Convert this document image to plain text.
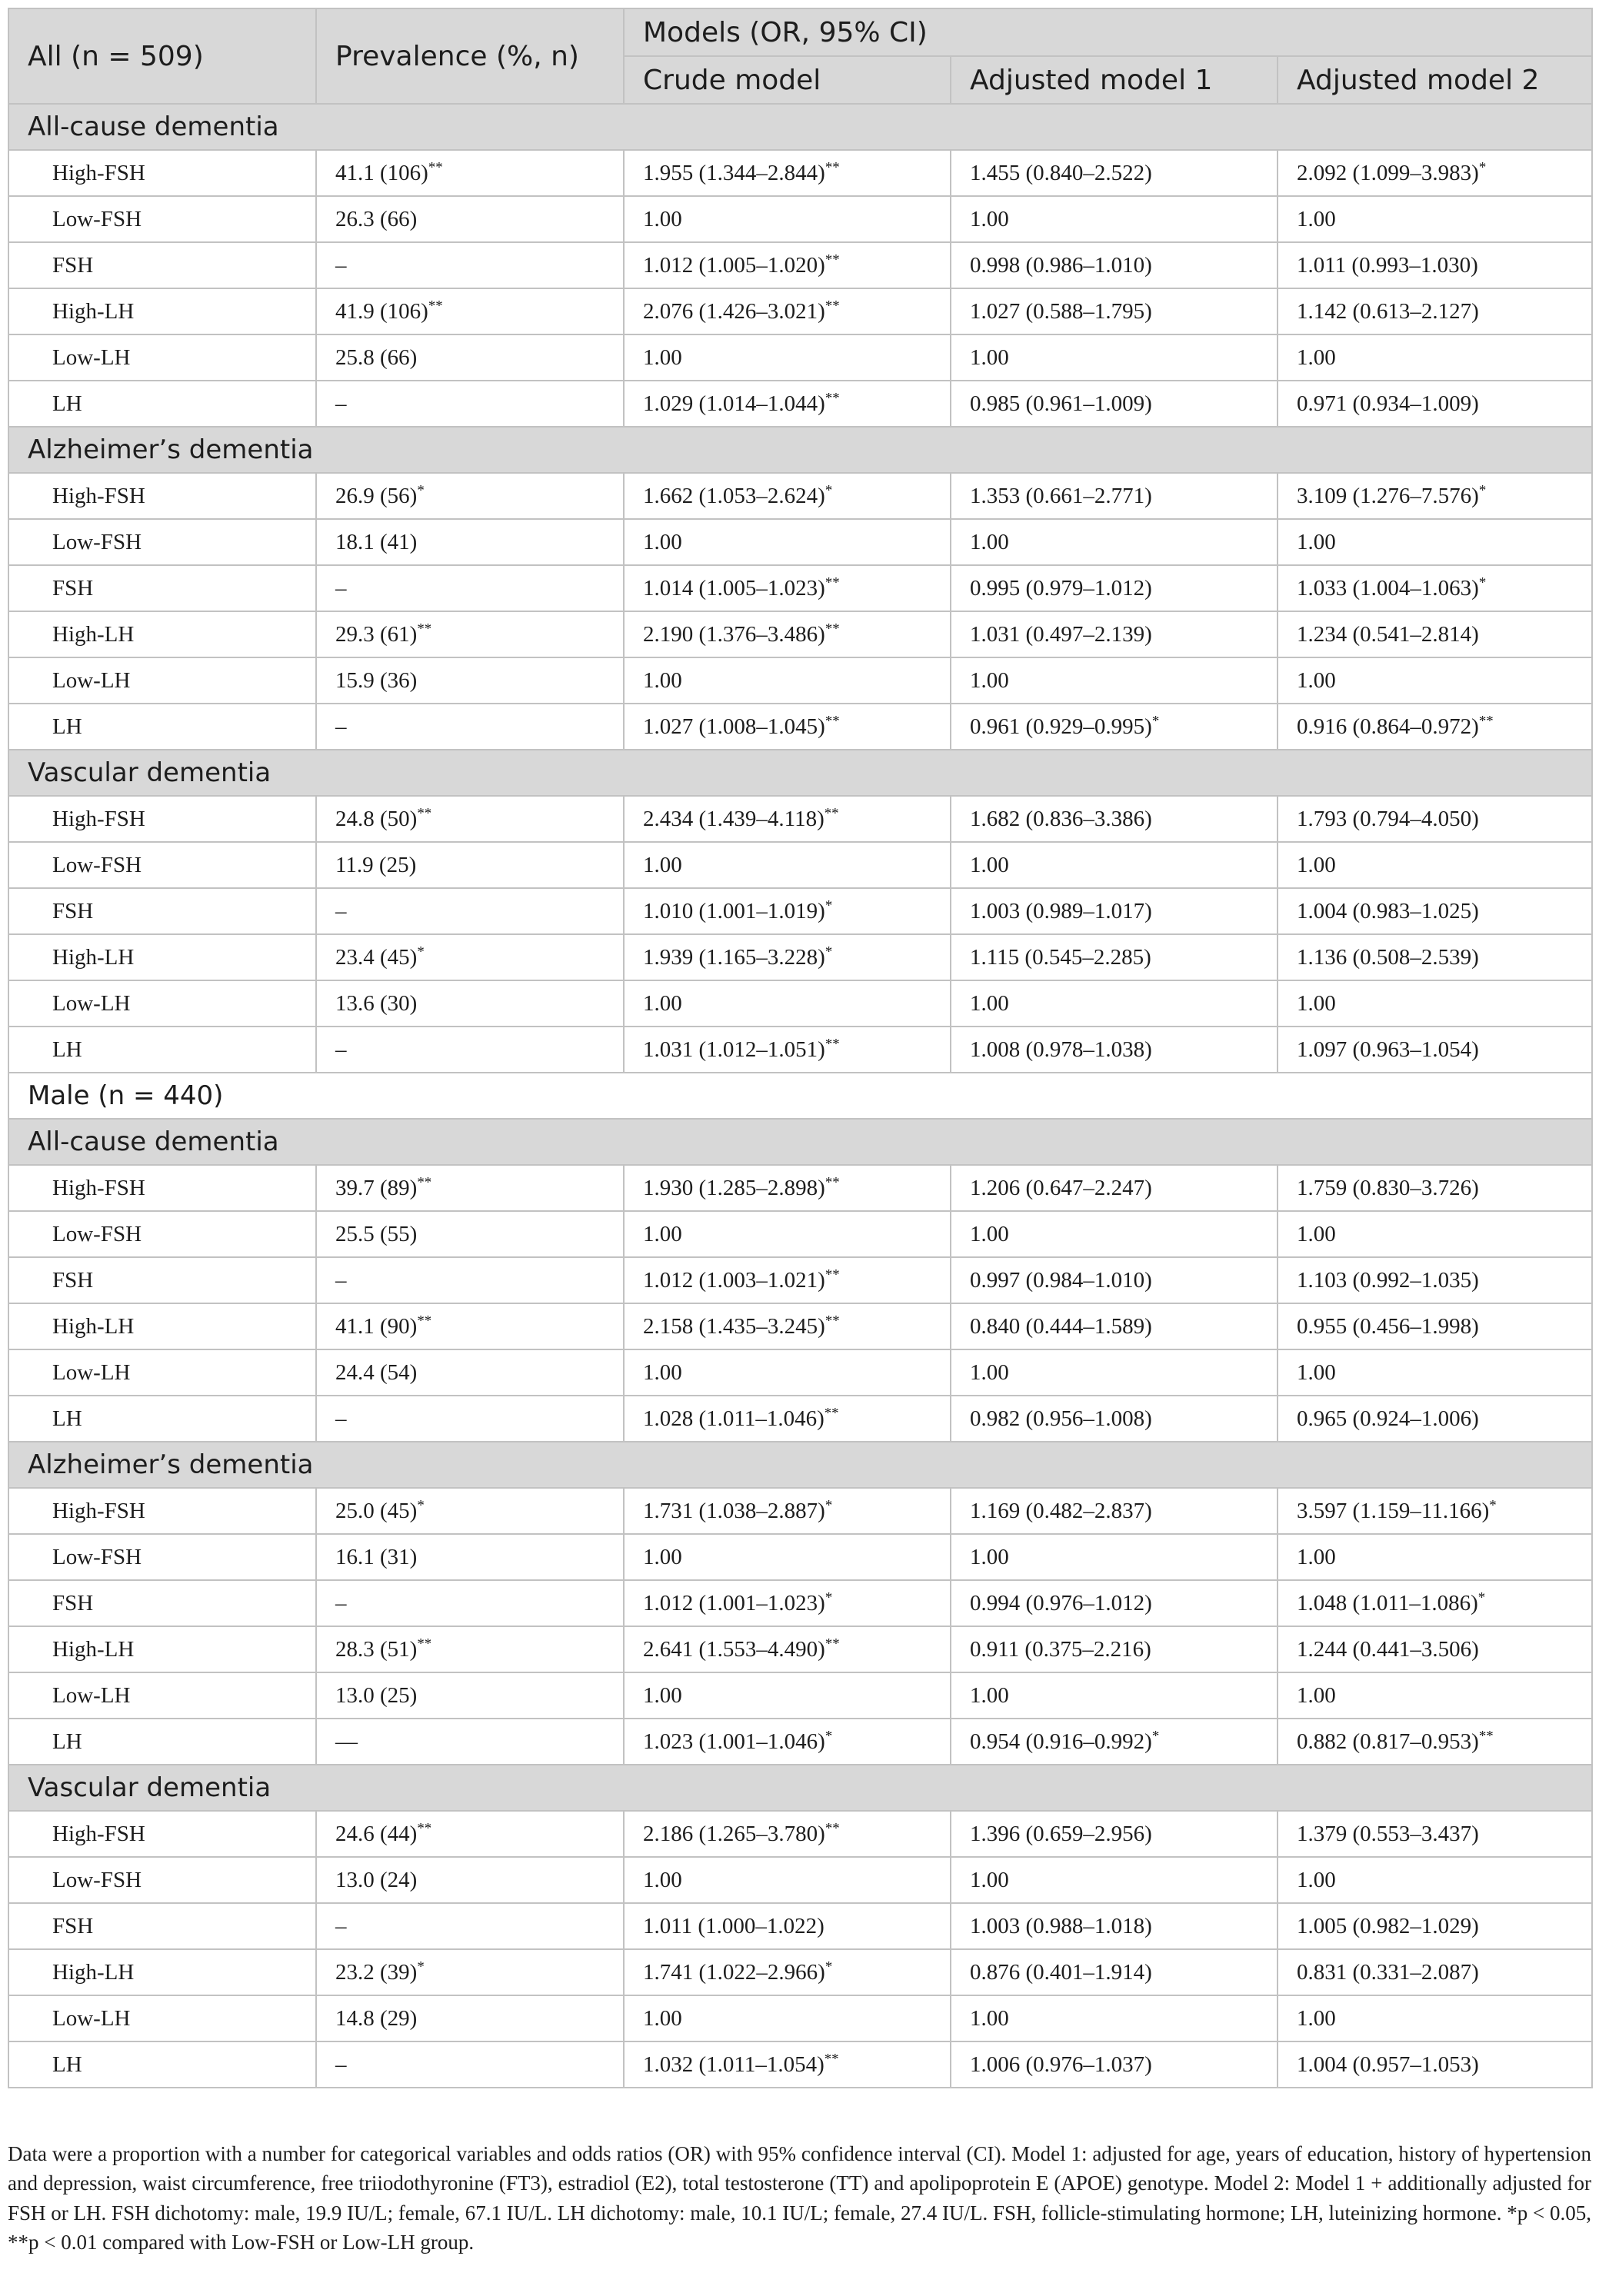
All (n = 509)	Prevalence (%, n)	Models (OR, 95% CI)		
		Crude model	Adjusted model 1	Adjusted model 2
All-cause dementia				
High-FSH	41.1 (106)**	1.955 (1.344–2.844)**	1.455 (0.840–2.522)	2.092 (1.099–3.983)*
Low-FSH	26.3 (66)	1.00	1.00	1.00
FSH	–	1.012 (1.005–1.020)**	0.998 (0.986–1.010)	1.011 (0.993–1.030)
High-LH	41.9 (106)**	2.076 (1.426–3.021)**	1.027 (0.588–1.795)	1.142 (0.613–2.127)
Low-LH	25.8 (66)	1.00	1.00	1.00
LH	–	1.029 (1.014–1.044)**	0.985 (0.961–1.009)	0.971 (0.934–1.009)
Alzheimer’s dementia				
High-FSH	26.9 (56)*	1.662 (1.053–2.624)*	1.353 (0.661–2.771)	3.109 (1.276–7.576)*
Low-FSH	18.1 (41)	1.00	1.00	1.00
FSH	–	1.014 (1.005–1.023)**	0.995 (0.979–1.012)	1.033 (1.004–1.063)*
High-LH	29.3 (61)**	2.190 (1.376–3.486)**	1.031 (0.497–2.139)	1.234 (0.541–2.814)
Low-LH	15.9 (36)	1.00	1.00	1.00
LH	–	1.027 (1.008–1.045)**	0.961 (0.929–0.995)*	0.916 (0.864–0.972)**
Vascular dementia				
High-FSH	24.8 (50)**	2.434 (1.439–4.118)**	1.682 (0.836–3.386)	1.793 (0.794–4.050)
Low-FSH	11.9 (25)	1.00	1.00	1.00
FSH	–	1.010 (1.001–1.019)*	1.003 (0.989–1.017)	1.004 (0.983–1.025)
High-LH	23.4 (45)*	1.939 (1.165–3.228)*	1.115 (0.545–2.285)	1.136 (0.508–2.539)
Low-LH	13.6 (30)	1.00	1.00	1.00
LH	–	1.031 (1.012–1.051)**	1.008 (0.978–1.038)	1.097 (0.963–1.054)
Male (n = 440)				
All-cause dementia				
High-FSH	39.7 (89)**	1.930 (1.285–2.898)**	1.206 (0.647–2.247)	1.759 (0.830–3.726)
Low-FSH	25.5 (55)	1.00	1.00	1.00
FSH	–	1.012 (1.003–1.021)**	0.997 (0.984–1.010)	1.103 (0.992–1.035)
High-LH	41.1 (90)**	2.158 (1.435–3.245)**	0.840 (0.444–1.589)	0.955 (0.456–1.998)
Low-LH	24.4 (54)	1.00	1.00	1.00
LH	–	1.028 (1.011–1.046)**	0.982 (0.956–1.008)	0.965 (0.924–1.006)
Alzheimer’s dementia				
High-FSH	25.0 (45)*	1.731 (1.038–2.887)*	1.169 (0.482–2.837)	3.597 (1.159–11.166)*
Low-FSH	16.1 (31)	1.00	1.00	1.00
FSH	–	1.012 (1.001–1.023)*	0.994 (0.976–1.012)	1.048 (1.011–1.086)*
High-LH	28.3 (51)**	2.641 (1.553–4.490)**	0.911 (0.375–2.216)	1.244 (0.441–3.506)
Low-LH	13.0 (25)	1.00	1.00	1.00
LH	—	1.023 (1.001–1.046)*	0.954 (0.916–0.992)*	0.882 (0.817–0.953)**
Vascular dementia				
High-FSH	24.6 (44)**	2.186 (1.265–3.780)**	1.396 (0.659–2.956)	1.379 (0.553–3.437)
Low-FSH	13.0 (24)	1.00	1.00	1.00
FSH	–	1.011 (1.000–1.022)	1.003 (0.988–1.018)	1.005 (0.982–1.029)
High-LH	23.2 (39)*	1.741 (1.022–2.966)*	0.876 (0.401–1.914)	0.831 (0.331–2.087)
Low-LH	14.8 (29)	1.00	1.00	1.00
LH	–	1.032 (1.011–1.054)**	1.006 (0.976–1.037)	1.004 (0.957–1.053)
Data were a proportion with a number for categorical variables and odds ratios (OR) with 95% confidence interval (CI). Model 1: adjusted for age, years of education, history of hypertension and depression, waist circumference, free triiodothyronine (FT3), estradiol (E2), total testosterone (TT) and apolipoprotein E (APOE) genotype. Model 2: Model 1 + additionally adjusted for FSH or LH. FSH dichotomy: male, 19.9 IU/L; female, 67.1 IU/L. LH dichotomy: male, 10.1 IU/L; female, 27.4 IU/L. FSH, follicle-stimulating hormone; LH, luteinizing hormone. *p < 0.05, **p < 0.01 compared with Low-FSH or Low-LH group.
